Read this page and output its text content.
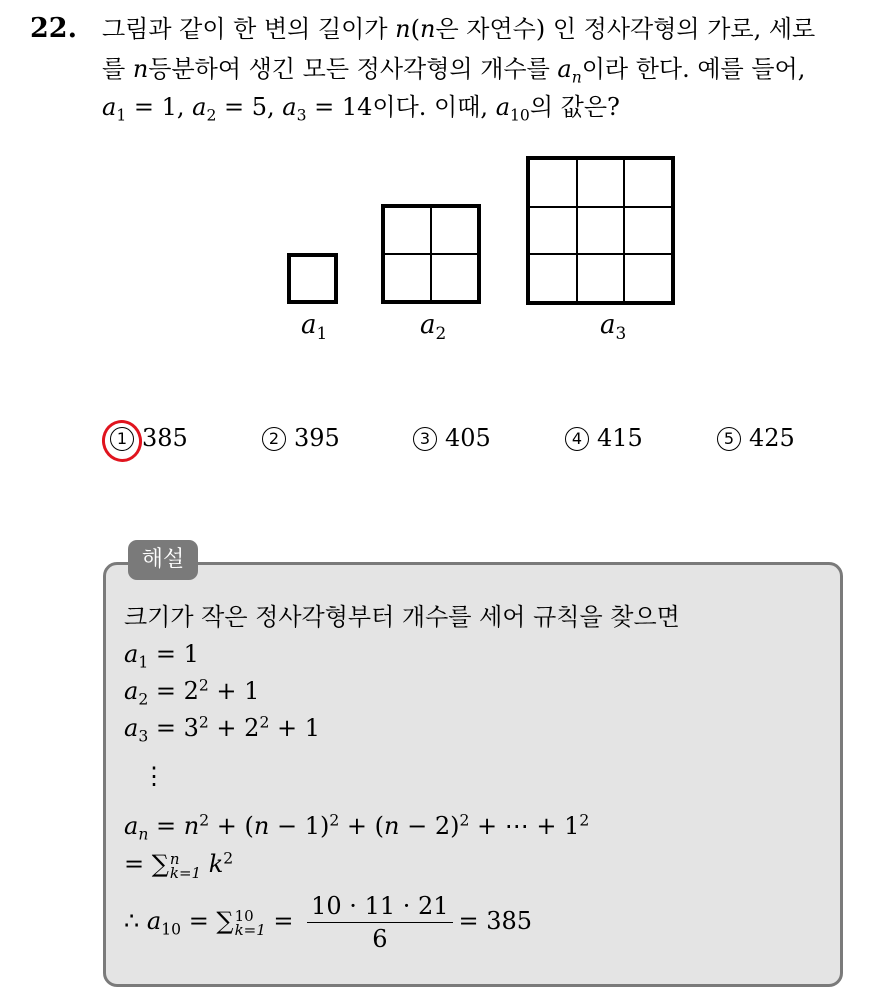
22. 그림과 같이 한 변의 길이가 n(n은 자연수) 인 정사각형의 가로, 세로
를 n등분하여 생긴 모든 정사각형의 개수를 $a_n$이라 한다. 예를 들어,
$a_1 = 1$, $a_2 = 5$, $a_3 = 14$이다. 이때, $a_{10}$의 값은?
$a_1$	$a_2$	$a_3$
1 385	2 395	3 405	4 415	5 425
해설
크기가 작은 정사각형부터 개수를 세어 규칙을 찾으면
$a_1 = 1$
$a_2 = 2^2 + 1$
$a_3 = 3^2 + 2^2 + 1$
⋮
$a_n = n^2 + (n - 1)^2 + (n - 2)^2$ + ⋯ + $1^2$
= ∑n
k=1 $k^2$
∴ $a_{10} = \sum 10$
$k=1 = \frac{10 \cdot 11 \cdot 21}{6} = 385$
